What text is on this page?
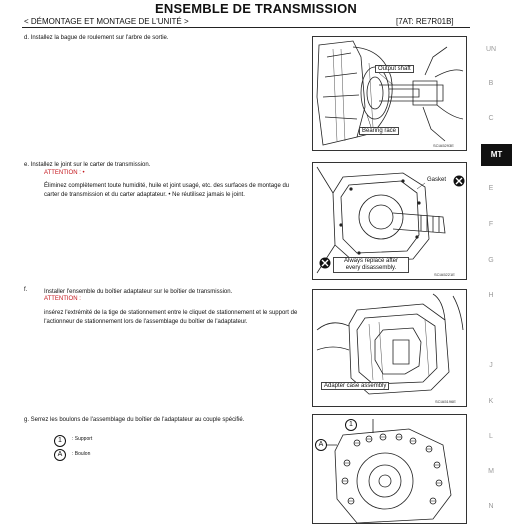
ENSEMBLE DE TRANSMISSION
< DÉMONTAGE ET MONTAGE DE L'UNITÉ >	[7AT: RE7R01B]
UN
B
C
MT
E
F
G
H
J
K
L
M
N
d. Installez la bague de roulement sur l'arbre de sortie.
Output shaft
Bearing race
SCIA5293E
e. Installez le joint sur le carter de transmission.
ATTENTION : •
Éliminez complètement toute humidité, huile et joint usagé, etc. des surfaces de montage du carter de transmission et du carter adaptateur. • Ne réutilisez jamais le joint.
Gasket
Always replace after every disassembly.
SCIA5221E
f.	Installer l'ensemble du boîtier adaptateur sur le boîtier de transmission.
ATTENTION :
insérez l'extrémité de la tige de stationnement entre le cliquet de stationnement et le support de l'actionneur de stationnement lors de l'assemblage du boîtier de l'adaptateur.
Adapter case assembly
SCIA5196E
g. Serrez les boulons de l'assemblage du boîtier de l'adaptateur au couple spécifié.
1	: Support
A	: Boulon
1
A
